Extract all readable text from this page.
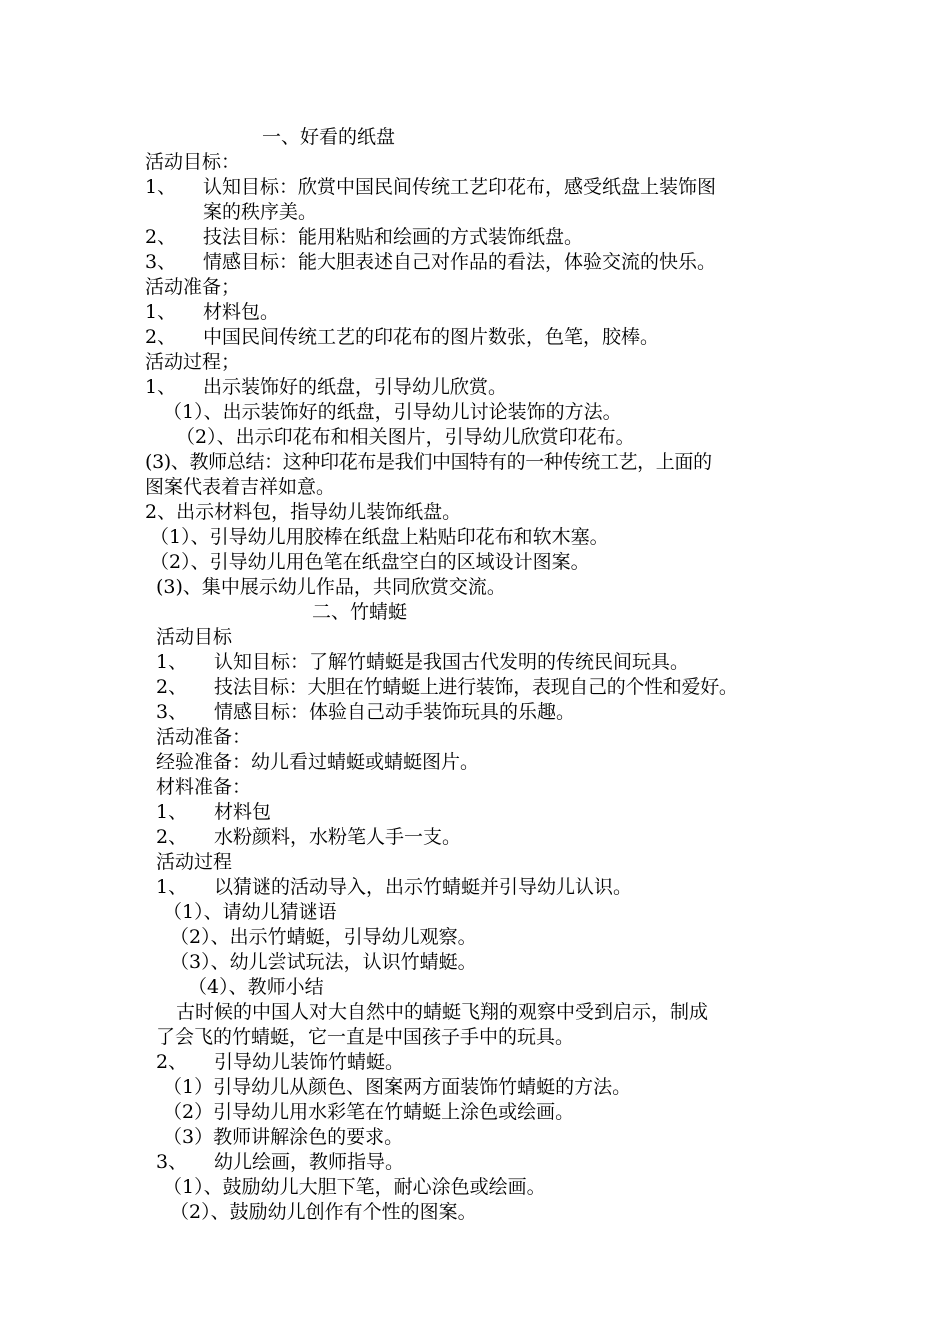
一、好看的纸盘
活动目标：
1、 认知目标：欣赏中国民间传统工艺印花布，感受纸盘上装饰图
案的秩序美。
2、 技法目标：能用粘贴和绘画的方式装饰纸盘。
3、 情感目标：能大胆表述自己对作品的看法，体验交流的快乐。
活动准备；
1、 材料包。
2、 中国民间传统工艺的印花布的图片数张，色笔，胶棒。
活动过程；
1、 出示装饰好的纸盘，引导幼儿欣赏。
（1）、出示装饰好的纸盘，引导幼儿讨论装饰的方法。
（2）、出示印花布和相关图片，引导幼儿欣赏印花布。
(3)、教师总结：这种印花布是我们中国特有的一种传统工艺，上面的
图案代表着吉祥如意。
2、出示材料包，指导幼儿装饰纸盘。
（1）、引导幼儿用胶棒在纸盘上粘贴印花布和软木塞。
（2）、引导幼儿用色笔在纸盘空白的区域设计图案。
(3)、集中展示幼儿作品，共同欣赏交流。
二、竹蜻蜓
活动目标
1、 认知目标：了解竹蜻蜓是我国古代发明的传统民间玩具。
2、 技法目标：大胆在竹蜻蜓上进行装饰，表现自己的个性和爱好。
3、 情感目标：体验自己动手装饰玩具的乐趣。
活动准备：
经验准备：幼儿看过蜻蜓或蜻蜓图片。
材料准备：
1、 材料包
2、 水粉颜料，水粉笔人手一支。
活动过程
1、 以猜谜的活动导入，出示竹蜻蜓并引导幼儿认识。
（1）、请幼儿猜谜语
（2）、出示竹蜻蜓，引导幼儿观察。
（3）、幼儿尝试玩法，认识竹蜻蜓。
（4）、教师小结
古时候的中国人对大自然中的蜻蜓飞翔的观察中受到启示，制成
了会飞的竹蜻蜓，它一直是中国孩子手中的玩具。
2、 引导幼儿装饰竹蜻蜓。
（1）引导幼儿从颜色、图案两方面装饰竹蜻蜓的方法。
（2）引导幼儿用水彩笔在竹蜻蜓上涂色或绘画。
（3）教师讲解涂色的要求。
3、 幼儿绘画，教师指导。
（1）、鼓励幼儿大胆下笔，耐心涂色或绘画。
（2）、鼓励幼儿创作有个性的图案。
